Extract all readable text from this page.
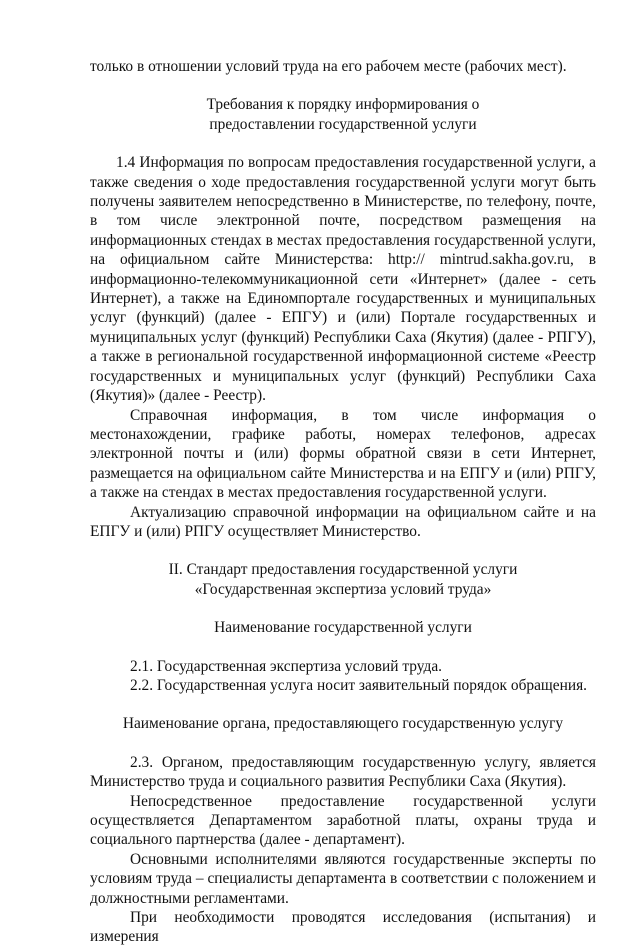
только в отношении условий труда на его рабочем месте (рабочих мест).

Требования к порядку информирования о предоставлении государственной услуги

1.4 Информация по вопросам предоставления государственной услуги, а также сведения о ходе предоставления государственной услуги могут быть получены заявителем непосредственно в Министерстве, по телефону, почте, в том числе электронной почте, посредством размещения на информационных стендах в местах предоставления государственной услуги, на официальном сайте Министерства: http:// mintrud.sakha.gov.ru, в информационно-телекоммуникационной сети «Интернет» (далее - сеть Интернет), а также на Единомпортале государственных и муниципальных услуг (функций) (далее - ЕПГУ) и (или) Портале государственных и муниципальных услуг (функций) Республики Саха (Якутия) (далее - РПГУ), а также в региональной государственной информационной системе «Реестр государственных и муниципальных услуг (функций) Республики Саха (Якутия)» (далее - Реестр).

Справочная информация, в том числе информация о местонахождении, графике работы, номерах телефонов, адресах электронной почты и (или) формы обратной связи в сети Интернет, размещается на официальном сайте Министерства и на ЕПГУ и (или) РПГУ, а также на стендах в местах предоставления государственной услуги.

Актуализацию справочной информации на официальном сайте и на ЕПГУ и (или) РПГУ осуществляет Министерство.

II. Стандарт предоставления государственной услуги

«Государственная экспертиза условий труда»

Наименование государственной услуги

2.1. Государственная экспертиза условий труда.

2.2. Государственная услуга носит заявительный порядок обращения.

Наименование органа, предоставляющего государственную услугу

2.3. Органом, предоставляющим государственную услугу, является Министерство труда и социального развития Республики Саха (Якутия).

Непосредственное предоставление государственной услуги осуществляется Департаментом заработной платы, охраны труда и социального партнерства (далее - департамент).

Основными исполнителями являются государственные эксперты по условиям труда – специалисты департамента в соответствии с положением и должностными регламентами.

При необходимости проводятся исследования (испытания) и измерения
